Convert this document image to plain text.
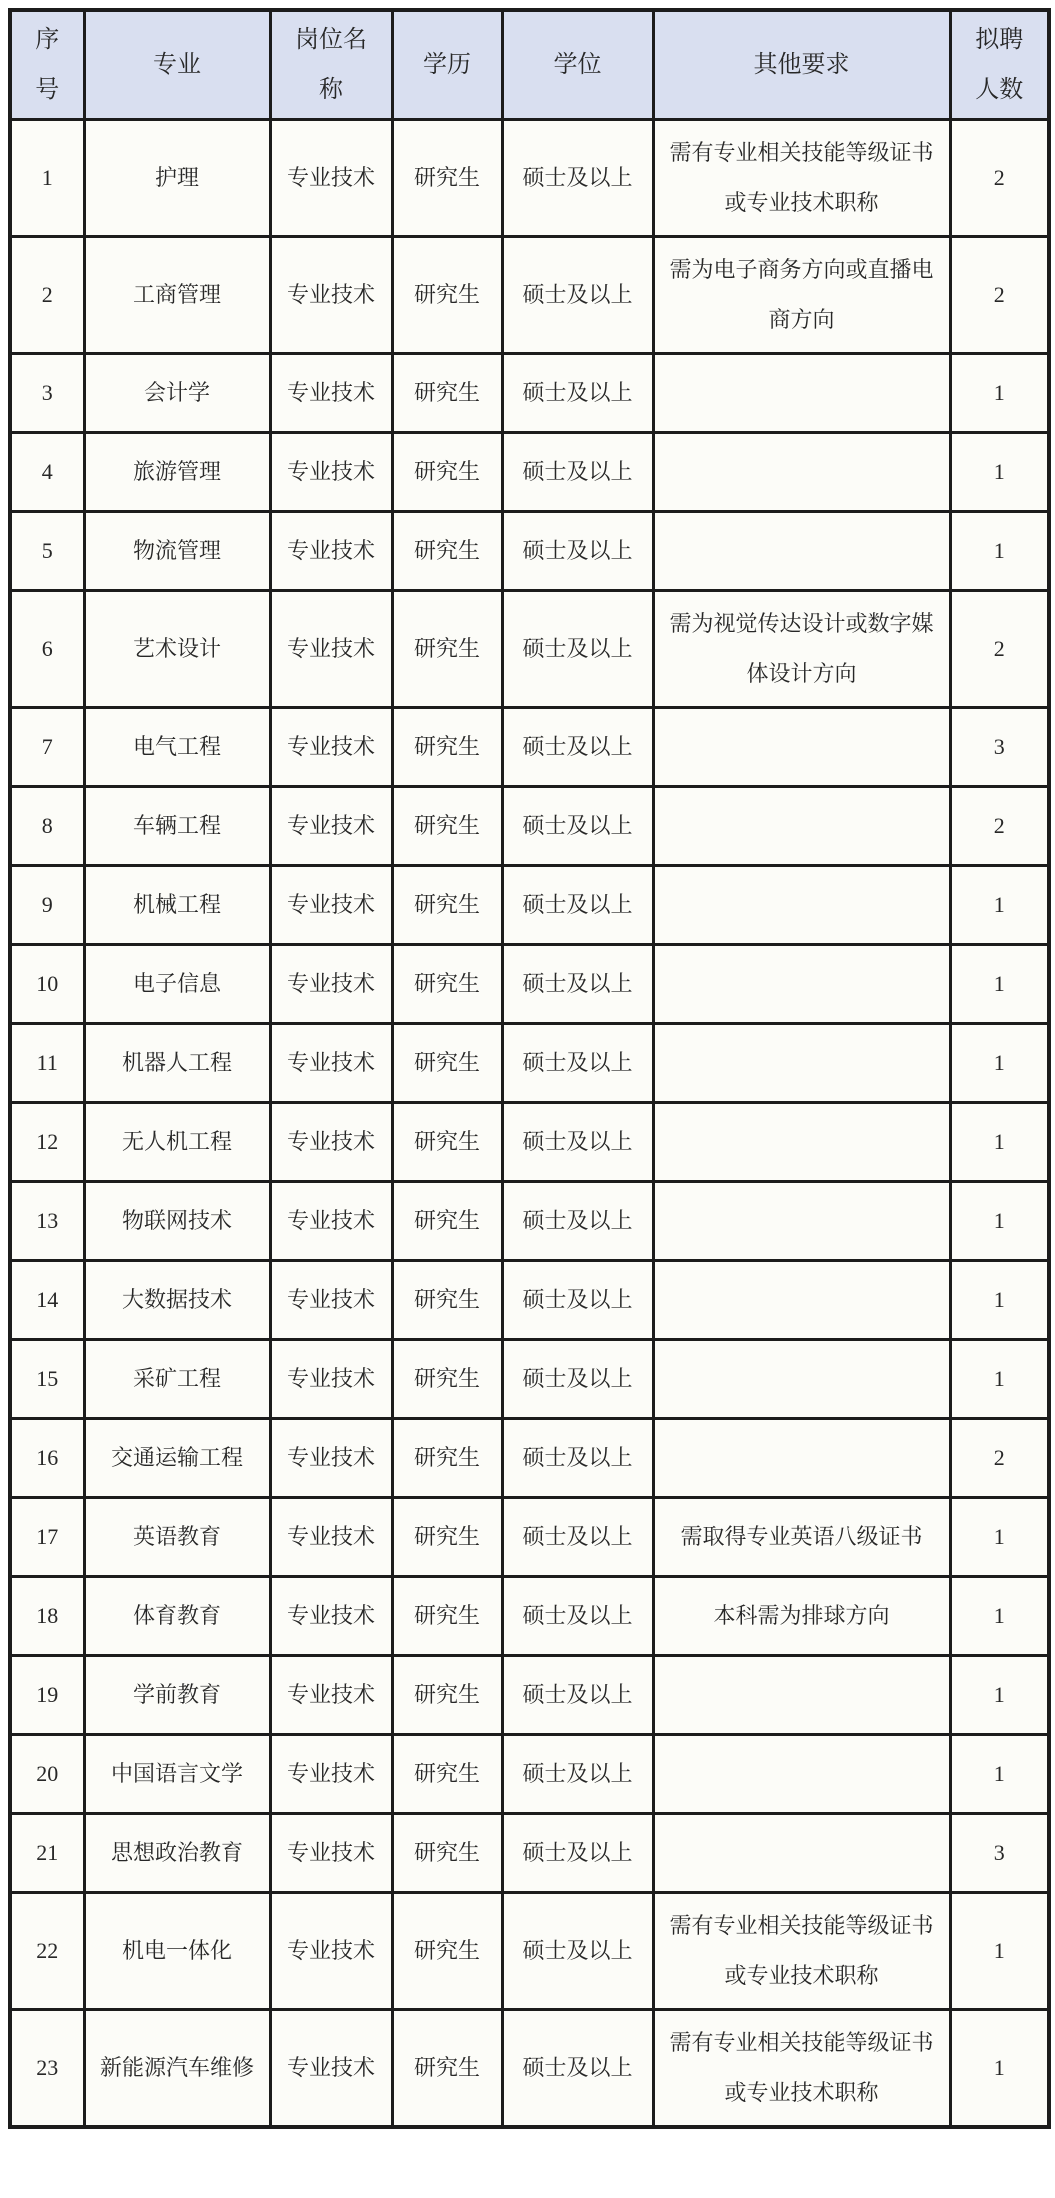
序号	专业	岗位名称	学历	学位	其他要求	拟聘人数
1	护理	专业技术	研究生	硕士及以上	需有专业相关技能等级证书或专业技术职称	2
2	工商管理	专业技术	研究生	硕士及以上	需为电子商务方向或直播电商方向	2
3	会计学	专业技术	研究生	硕士及以上		1
4	旅游管理	专业技术	研究生	硕士及以上		1
5	物流管理	专业技术	研究生	硕士及以上		1
6	艺术设计	专业技术	研究生	硕士及以上	需为视觉传达设计或数字媒体设计方向	2
7	电气工程	专业技术	研究生	硕士及以上		3
8	车辆工程	专业技术	研究生	硕士及以上		2
9	机械工程	专业技术	研究生	硕士及以上		1
10	电子信息	专业技术	研究生	硕士及以上		1
11	机器人工程	专业技术	研究生	硕士及以上		1
12	无人机工程	专业技术	研究生	硕士及以上		1
13	物联网技术	专业技术	研究生	硕士及以上		1
14	大数据技术	专业技术	研究生	硕士及以上		1
15	采矿工程	专业技术	研究生	硕士及以上		1
16	交通运输工程	专业技术	研究生	硕士及以上		2
17	英语教育	专业技术	研究生	硕士及以上	需取得专业英语八级证书	1
18	体育教育	专业技术	研究生	硕士及以上	本科需为排球方向	1
19	学前教育	专业技术	研究生	硕士及以上		1
20	中国语言文学	专业技术	研究生	硕士及以上		1
21	思想政治教育	专业技术	研究生	硕士及以上		3
22	机电一体化	专业技术	研究生	硕士及以上	需有专业相关技能等级证书或专业技术职称	1
23	新能源汽车维修	专业技术	研究生	硕士及以上	需有专业相关技能等级证书或专业技术职称	1
